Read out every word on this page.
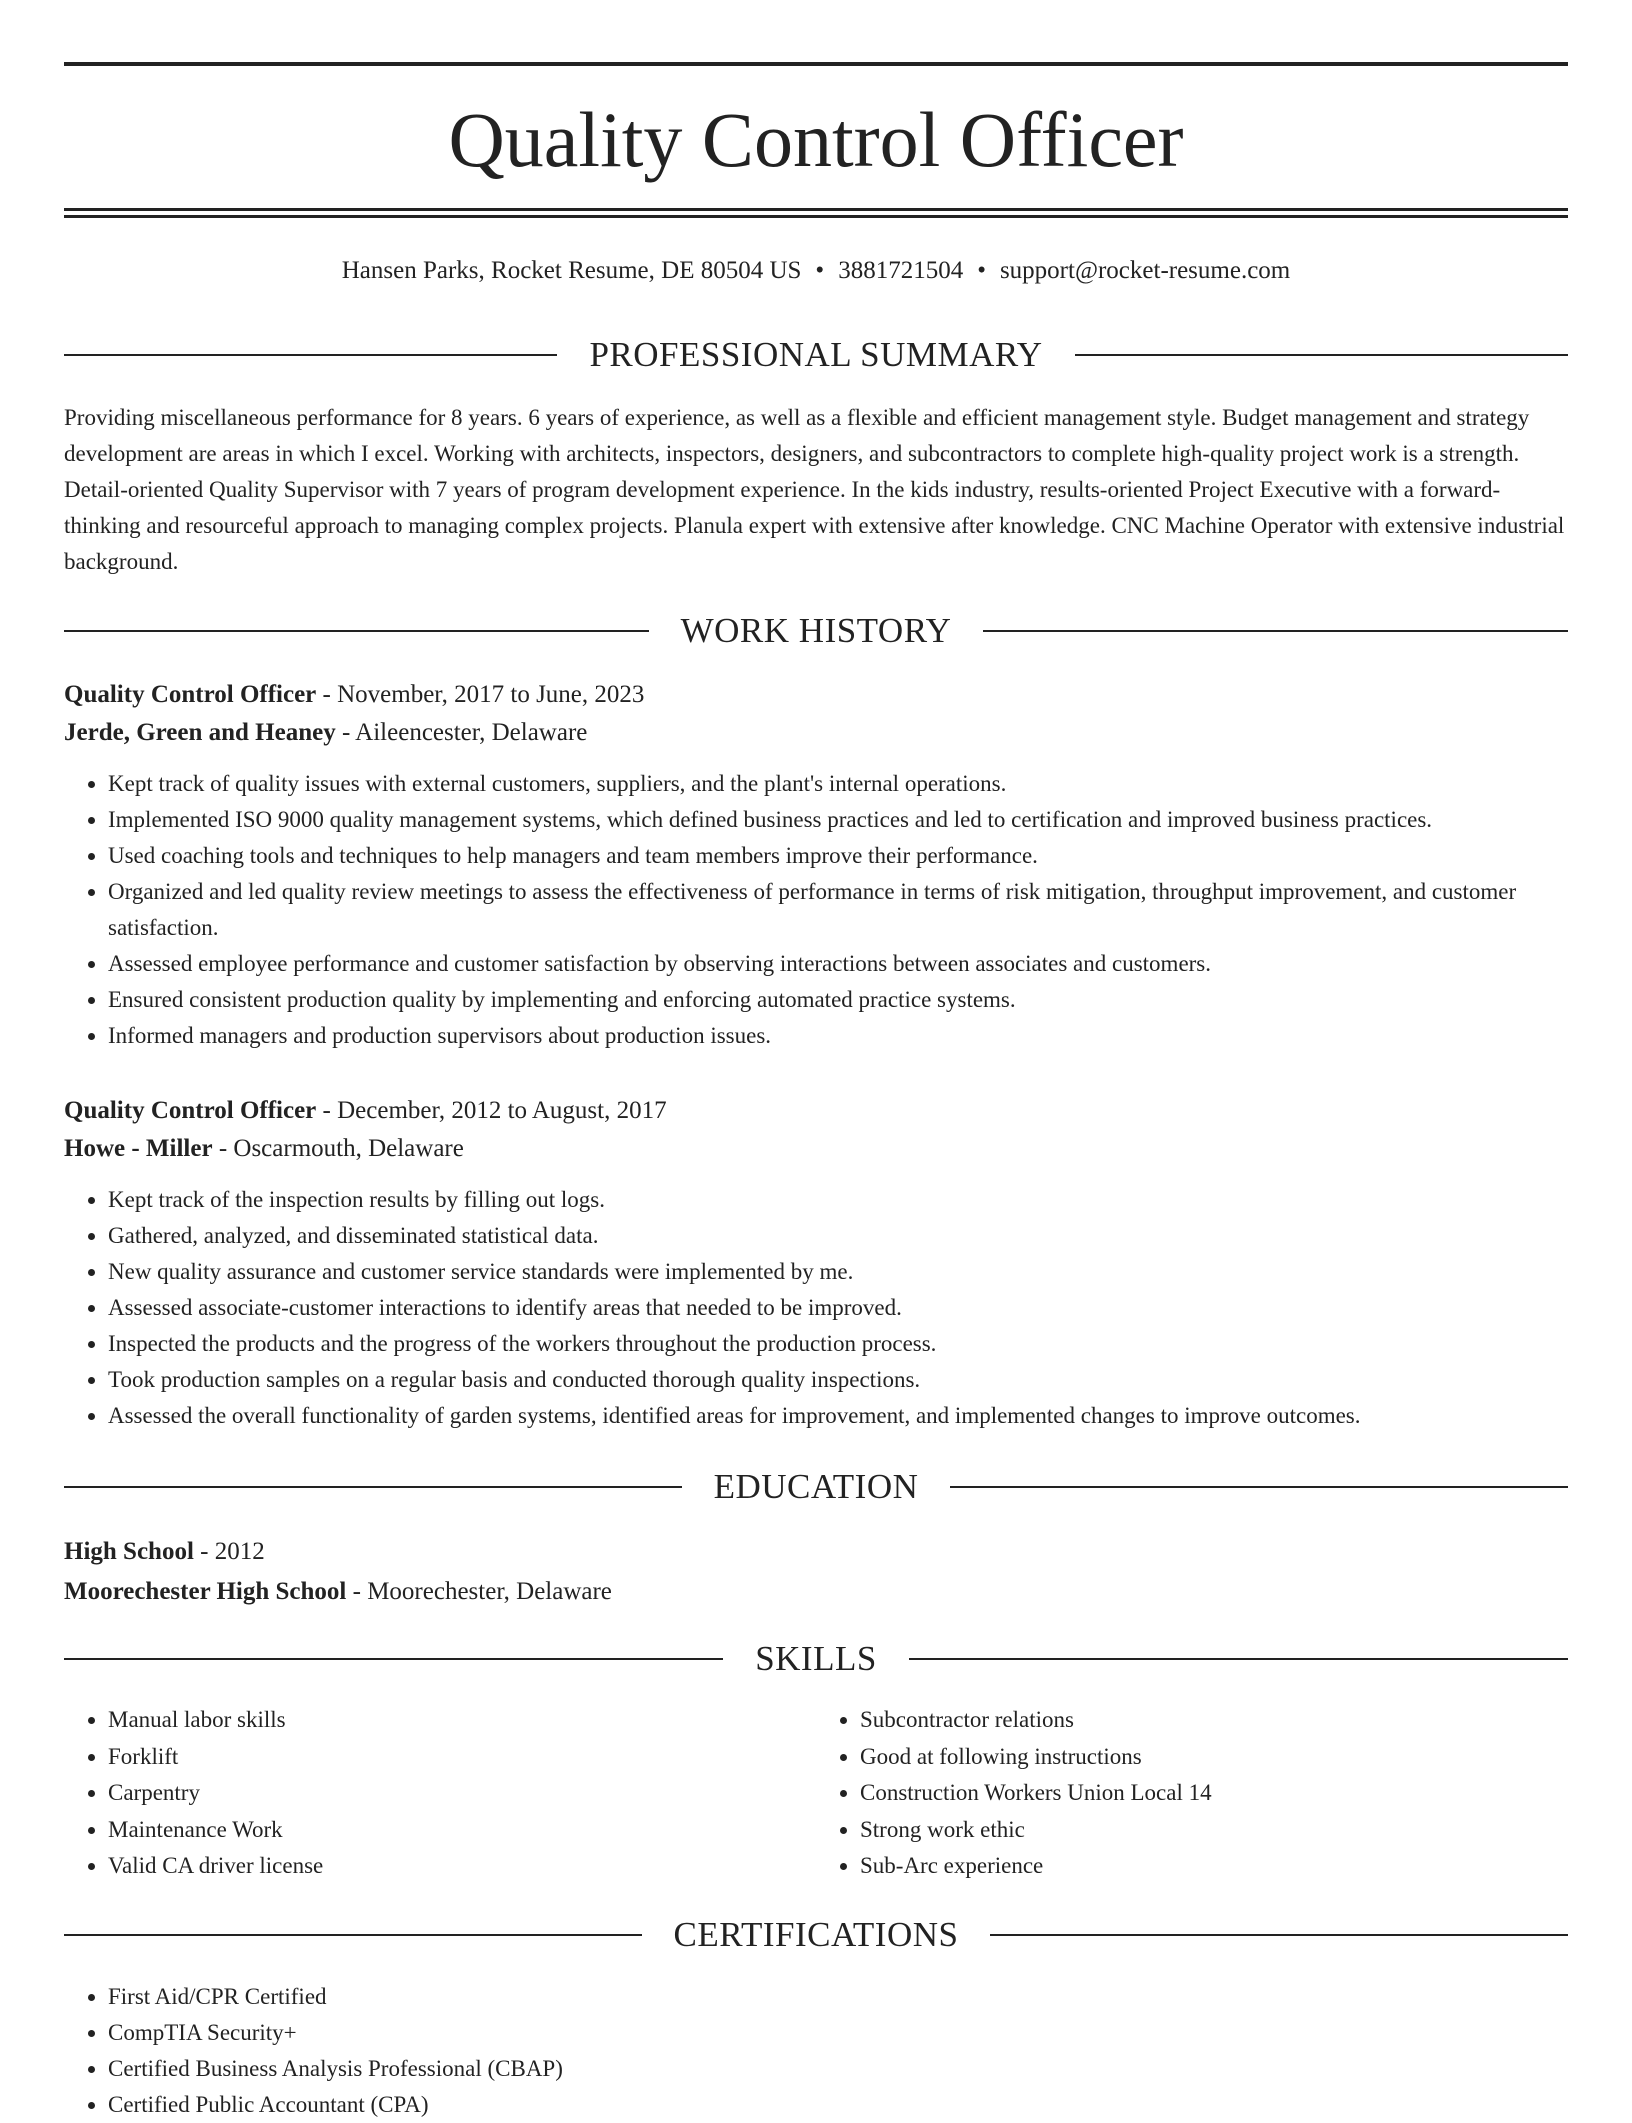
Quality Control Officer
Hansen Parks, Rocket Resume, DE 80504 US • 3881721504 • support@rocket-resume.com
PROFESSIONAL SUMMARY

Providing miscellaneous performance for 8 years. 6 years of experience, as well as a flexible and efficient management style. Budget management and strategy development are areas in which I excel. Working with architects, inspectors, designers, and subcontractors to complete high-quality project work is a strength. Detail-oriented Quality Supervisor with 7 years of program development experience. In the kids industry, results-oriented Project Executive with a forward-thinking and resourceful approach to managing complex projects. Planula expert with extensive after knowledge. CNC Machine Operator with extensive industrial background.

WORK HISTORY
Quality Control Officer - November, 2017 to June, 2023
Jerde, Green and Heaney - Aileencester, Delaware
• Kept track of quality issues with external customers, suppliers, and the plant's internal operations.
• Implemented ISO 9000 quality management systems, which defined business practices and led to certification and improved business practices.
• Used coaching tools and techniques to help managers and team members improve their performance.
• Organized and led quality review meetings to assess the effectiveness of performance in terms of risk mitigation, throughput improvement, and customer satisfaction.
• Assessed employee performance and customer satisfaction by observing interactions between associates and customers.
• Ensured consistent production quality by implementing and enforcing automated practice systems.
• Informed managers and production supervisors about production issues.
Quality Control Officer - December, 2012 to August, 2017
Howe - Miller - Oscarmouth, Delaware
• Kept track of the inspection results by filling out logs.
• Gathered, analyzed, and disseminated statistical data.
• New quality assurance and customer service standards were implemented by me.
• Assessed associate-customer interactions to identify areas that needed to be improved.
• Inspected the products and the progress of the workers throughout the production process.
• Took production samples on a regular basis and conducted thorough quality inspections.
• Assessed the overall functionality of garden systems, identified areas for improvement, and implemented changes to improve outcomes.
EDUCATION
High School - 2012
Moorechester High School - Moorechester, Delaware
SKILLS
• Manual labor skills
• Forklift
• Carpentry
• Maintenance Work
• Valid CA driver license
• Subcontractor relations
• Good at following instructions
• Construction Workers Union Local 14
• Strong work ethic
• Sub-Arc experience
CERTIFICATIONS
• First Aid/CPR Certified
• CompTIA Security+
• Certified Business Analysis Professional (CBAP)
• Certified Public Accountant (CPA)
